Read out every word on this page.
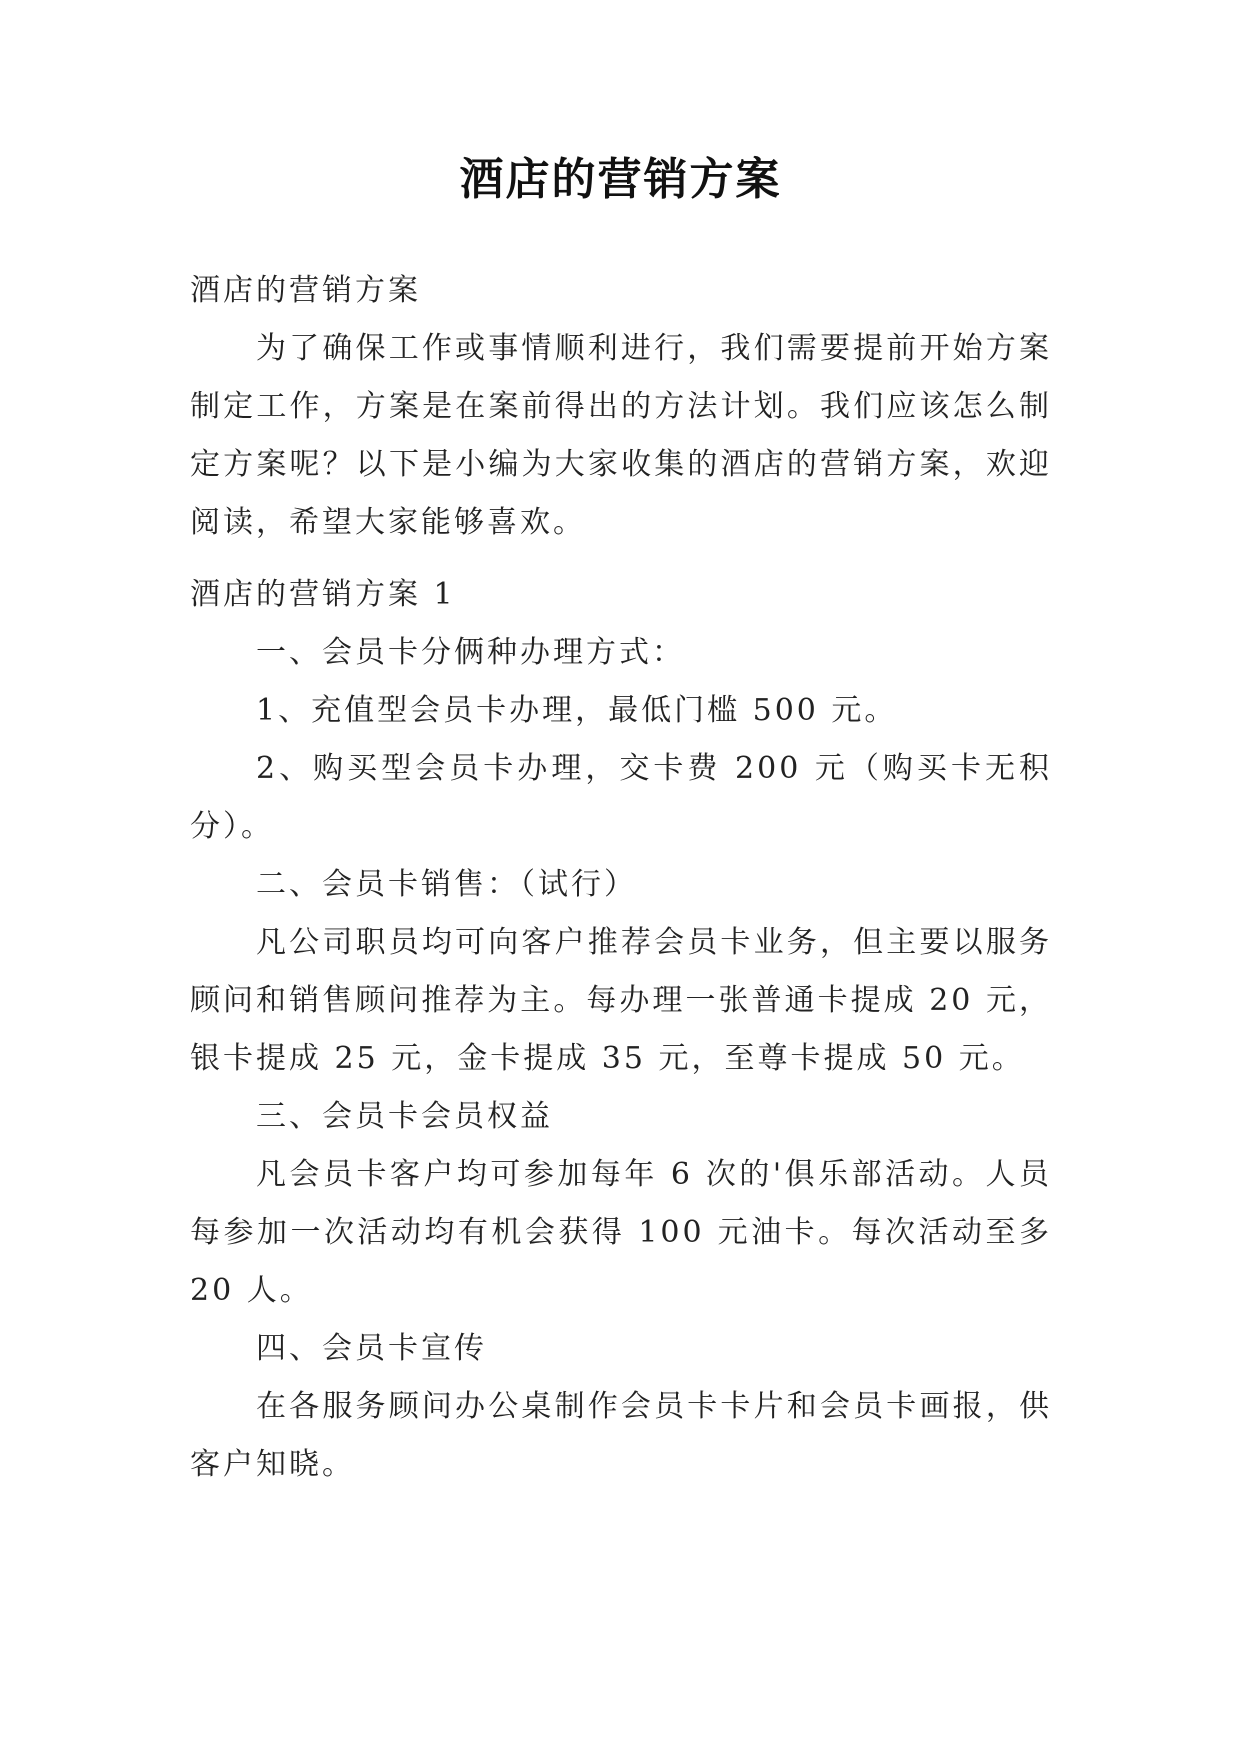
酒店的营销方案

酒店的营销方案

为了确保工作或事情顺利进行，我们需要提前开始方案制定工作，方案是在案前得出的方法计划。我们应该怎么制定方案呢？以下是小编为大家收集的酒店的营销方案，欢迎阅读，希望大家能够喜欢。

酒店的营销方案 1

一、会员卡分俩种办理方式：

1、充值型会员卡办理，最低门槛 500 元。

2、购买型会员卡办理，交卡费 200 元（购买卡无积分）。

二、会员卡销售：（试行）

凡公司职员均可向客户推荐会员卡业务，但主要以服务顾问和销售顾问推荐为主。每办理一张普通卡提成 20 元，银卡提成 25 元，金卡提成 35 元，至尊卡提成 50 元。

三、会员卡会员权益

凡会员卡客户均可参加每年 6 次的'俱乐部活动。人员每参加一次活动均有机会获得 100 元油卡。每次活动至多 20 人。

四、会员卡宣传

在各服务顾问办公桌制作会员卡卡片和会员卡画报，供客户知晓。
